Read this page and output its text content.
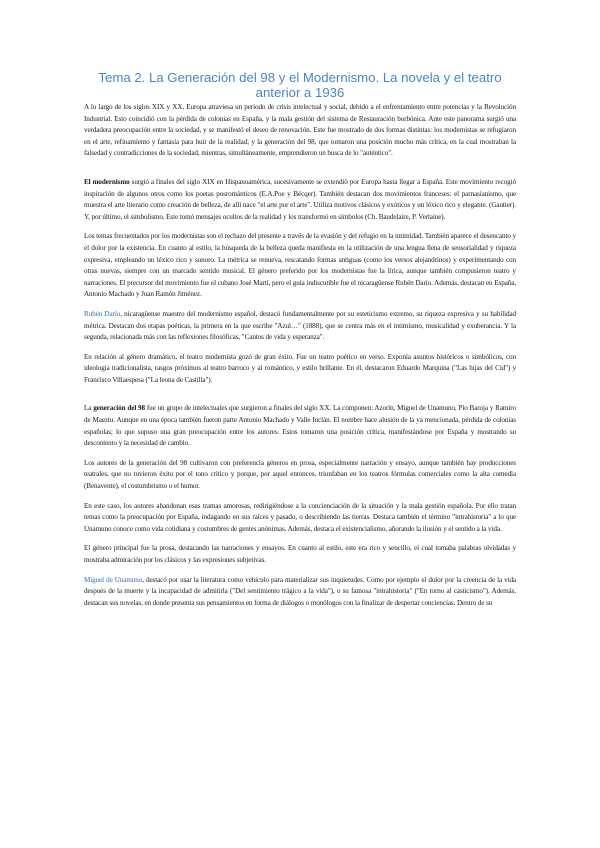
Tema 2. La Generación del 98 y el Modernismo. La novela y el teatro anterior a 1936

A lo largo de los siglos XIX y XX, Europa atraviesa un periodo de crisis intelectual y social, debido a el enfrentamiento entre potencias y la Revolución Industrial. Esto coincidió con la pérdida de colonias en España, y la mala gestión del sistema de Restauración borbónica. Ante este panorama surgió una verdadera preocupación entre la sociedad, y se manifestó el deseo de renovación. Este fue mostrado de dos formas distintas: los modernistas se refugiaron en el arte, refinamiento y fantasía para huir de la realidad; y la generación del 98, que tomaron una posición mucho más crítica, en la cual mostraban la falsedad y contradicciones de la sociedad, mientras, simultáneamente, emprendieron un busca de lo "auténtico".

El modernismo surgió a finales del siglo XIX en Hispanoamérica, sucesivamente se extendió por Europa hasta llegar a España. Este movimiento recogió inspiración de algunos otros como los poetas posrománticos (E.A.Poe y Bécqer). También destacan dos movimientos franceses: el parnasianismo, que muestra el arte literario como creación de belleza, de allí nace "el arte por el arte". Utiliza motivos clásicos y exóticos y un léxico rico y elegante. (Gautier). Y, por último, el simbolismo. Este tomó mensajes ocultos de la realidad y los transformó en símbolos (Ch. Baudelaire, P. Verlaine).

Los temas frecuentados por los modernistas son el rechazo del presente a través de la evasión y del refugio en la intimidad. También aparece el desencanto y el dolor por la existencia. En cuanto al estilo, la búsqueda de la belleza queda manifiesta en la utilización de una lengua llena de sensorialidad y riqueza expresiva, empleando un léxico rico y sonoro. La métrica se renueva, rescatando formas antiguas (como los versos alejandrinos) y experimentando con otras nuevas, siempre con un marcado sentido musical. El género preferido por los modernistas fue la lírica, aunque también compusieron teatro y narraciones. El precursor del movimiento fue el cubano José Martí, pero el guía indiscutible fue el nicaragüense Rubén Darío. Además, destacan en España, Antonio Machado y Juan Ramón Jiménez.

Rubén Darío, nicaragüense maestro del modernismo español, destacó fundamentalmente por su esteticismo extremo, su riqueza expresiva y su habilidad métrica. Destacan dos etapas poéticas, la primera en la que escribe "Azul…" (1888), que se centra más en el intimismo, musicalidad y exuberancia. Y la segunda, relacionada más con las reflexiones filosóficas, "Cantos de vida y esperanza".

En relación al género dramático, el teatro modernista gozó de gran éxito. Fue un teatro poético en verso. Exponía asuntos históricos o simbólicos, con ideología tradicionalista, rasgos próximos al teatro barroco y al romántico, y estilo brillante. En él, destacaron Eduardo Marquina ("Las hijas del Cid") y Francisco Villaespesa ("La leona de Castilla").

La generación del 98 fue un grupo de intelectuales que surgieron a finales del siglo XX. La componen: Azorín, Miguel de Unamuno, Pío Baroja y Ramiro de Maeztu. Aunque en una época también fueron parte Antonio Machado y Valle Inclán. El nombre hace alusión de la ya mencionada, pérdida de colonias españolas; lo que supuso una gran preocupación entre los autores. Estos tomaron una posición crítica, manifestándose por España y mostrando su descontento y la necesidad de cambio.

Los autores de la generación del 98 cultivaron con preferencia géneros en prosa, especialmente narración y ensayo, aunque también hay producciones teatrales, que no tuvieron éxito por el tono crítico y porque, por aquel entonces, triunfaban en los teatros fórmulas comerciales como la alta comedia (Benavente), el costumbrismo o el humor.

En este caso, los autores abandonan esas tramas amorosas, redirigiéndose a la concienciación de la situación y la mala gestión española. Por ello tratan temas como la preocupación por España, indagando en sus raíces y pasado, o describiendo las tierras. Destaca también el término "intrahistoria" a lo que Unamuno conoce como vida cotidiana y costumbres de gentes anónimas. Además, destaca el existencialismo, añorando la ilusión y el sentido a la vida.

El género principal fue la prosa, destacando las narraciones y ensayos. En cuanto al estilo, este era rico y sencillo, el cual tomaba palabras olvidadas y mostraba admiración por los clásicos y las expresiones subjetivas.

Miguel de Unamuno, destacó por usar la literatura como vehículo para materializar sus inquietudes. Como por ejemplo el dolor por la creencia de la vida después de la muerte y la incapacidad de admitirla ("Del sentimiento trágico a la vida"), o su famosa "intrahistoria" ("En torno al casticismo"). Además, destacan sus novelas, en donde presenta sus pensamientos en forma de diálogos o monólogos con la finalizar de despertar conciencias. Dentro de su
